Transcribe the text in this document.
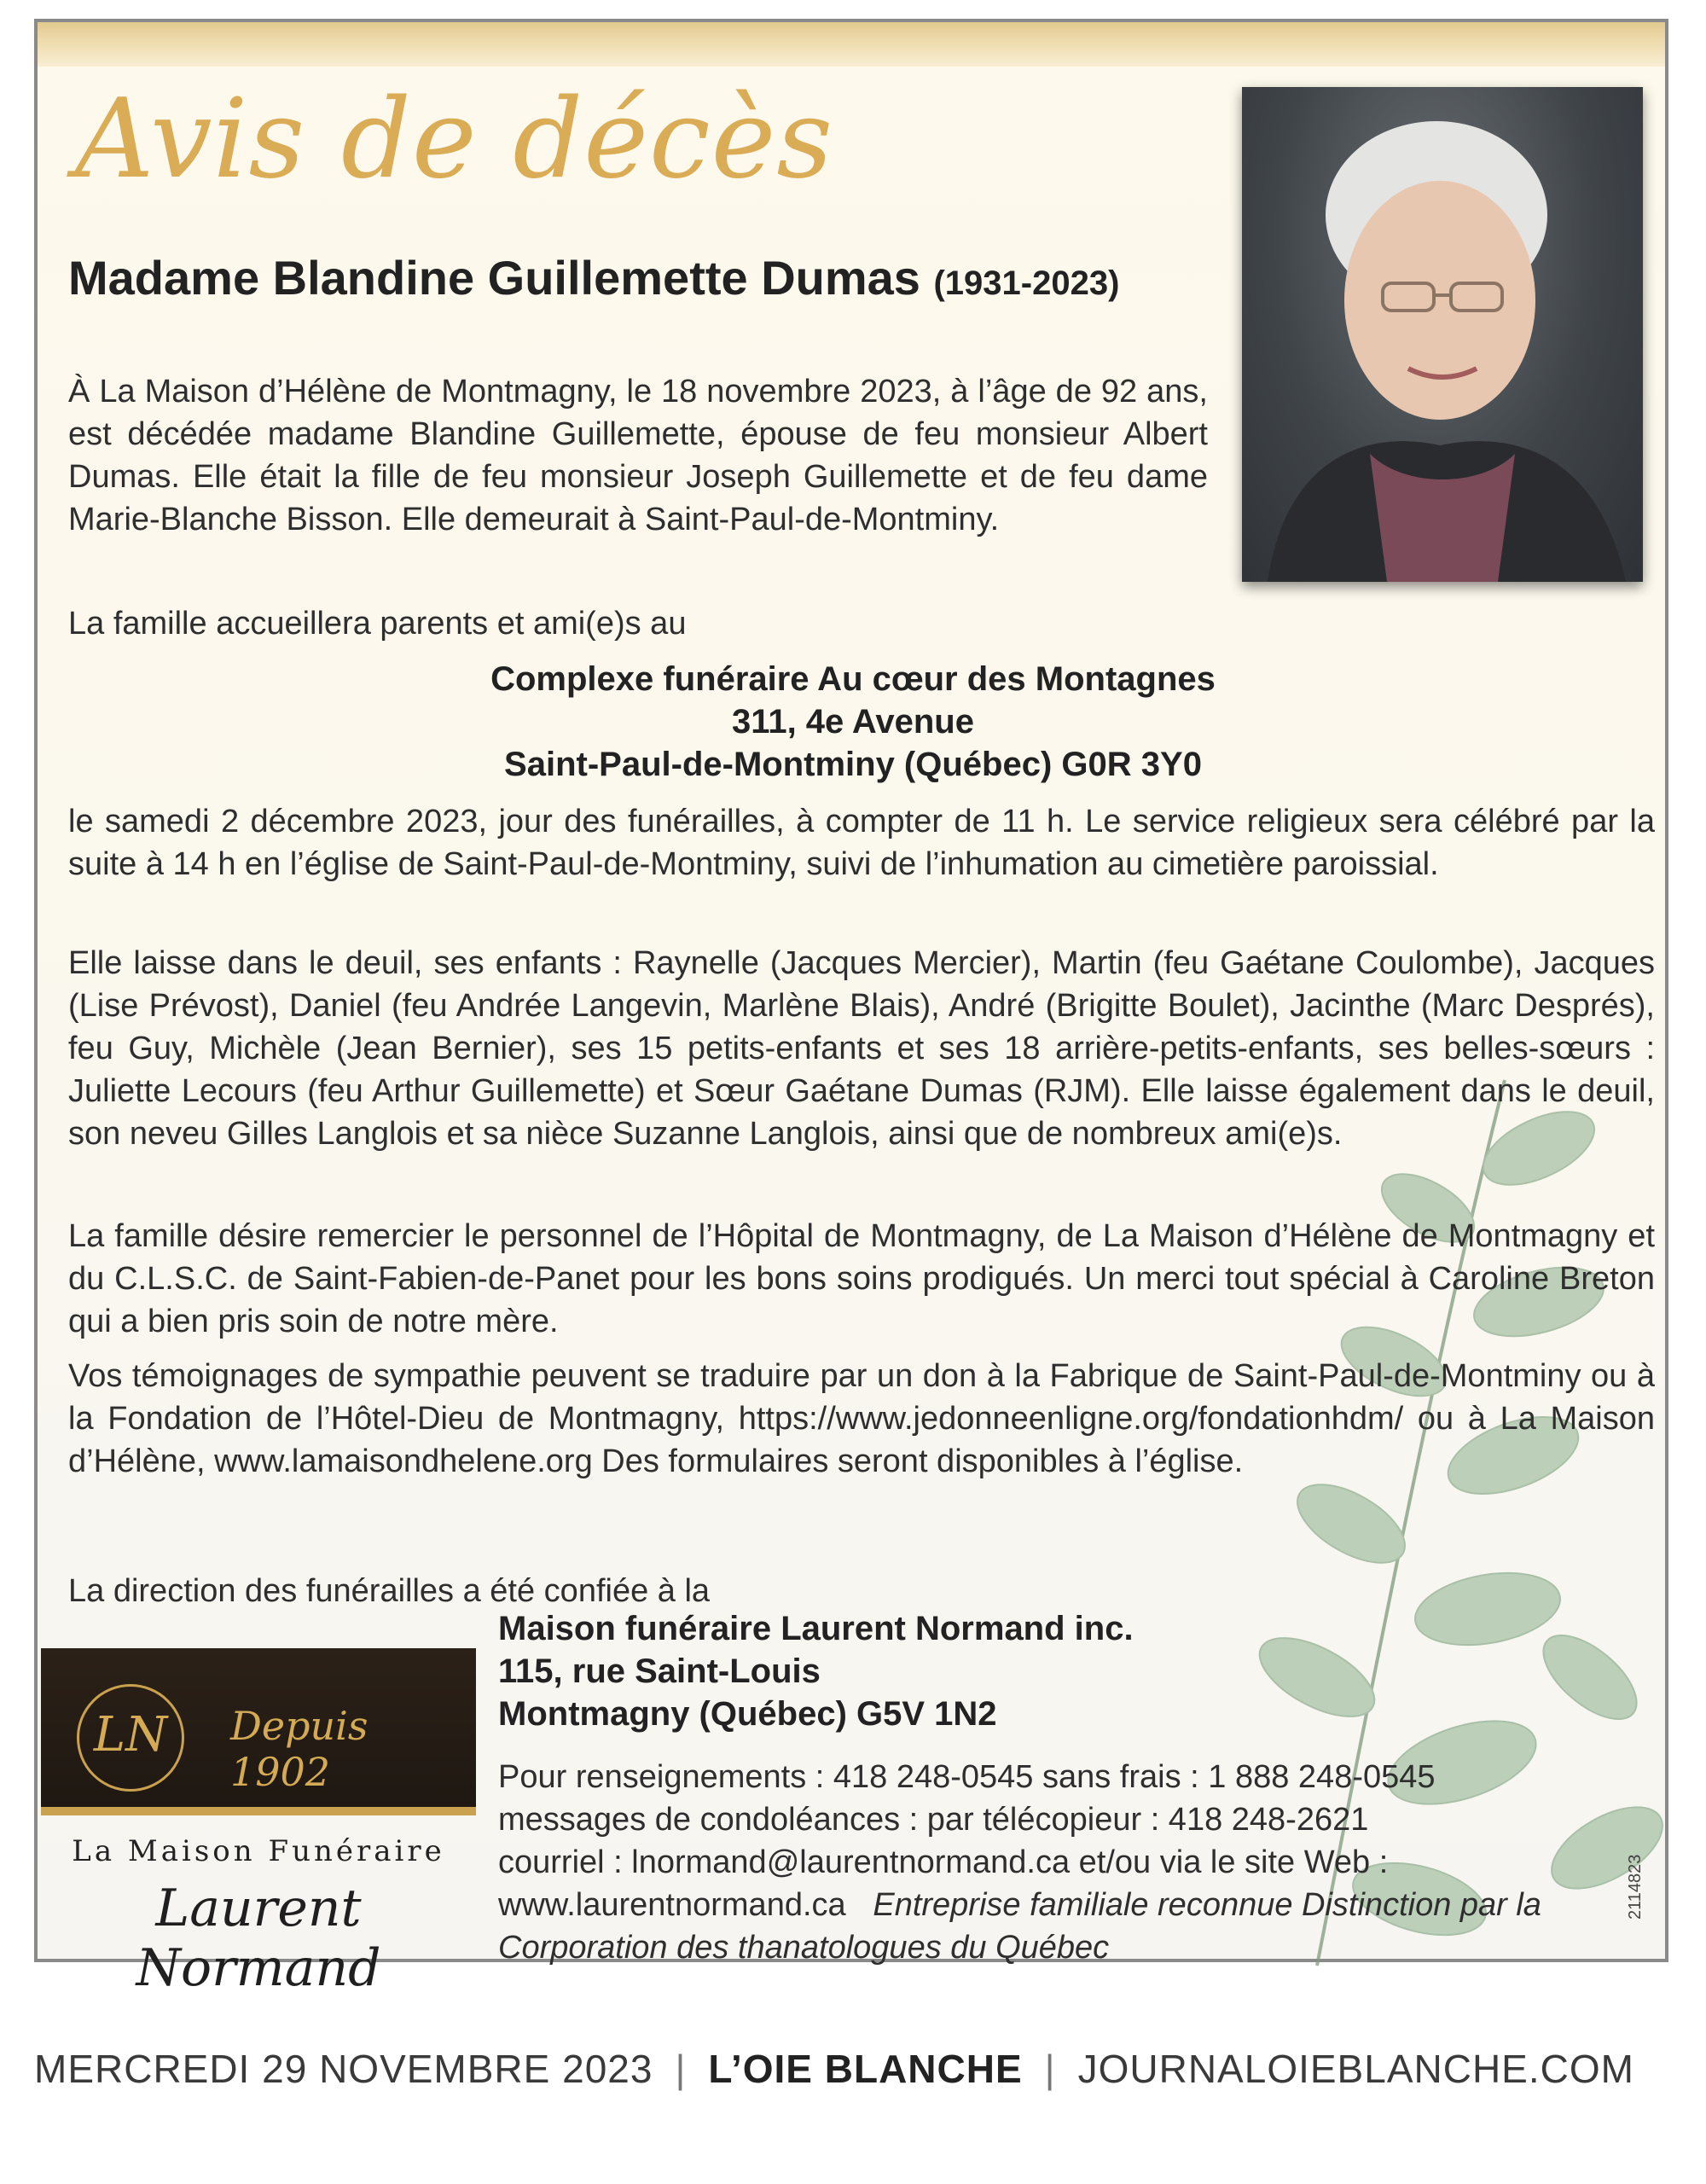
Avis de décès
Madame Blandine Guillemette Dumas (1931-2023)

À La Maison d’Hélène de Montmagny, le 18 novembre 2023, à l’âge de 92 ans, est décédée madame Blandine Guillemette, épouse de feu monsieur Albert Dumas. Elle était la fille de feu monsieur Joseph Guillemette et de feu dame Marie-Blanche Bisson. Elle demeurait à Saint-Paul-de-Montminy.

La famille accueillera parents et ami(e)s au

Complexe funéraire Au cœur des Montagnes
311, 4e Avenue
Saint-Paul-de-Montminy (Québec) G0R 3Y0

le samedi 2 décembre 2023, jour des funérailles, à compter de 11 h. Le service religieux sera célébré par la suite à 14 h en l’église de Saint-Paul-de-Montminy, suivi de l’inhumation au cimetière paroissial.

Elle laisse dans le deuil, ses enfants : Raynelle (Jacques Mercier), Martin (feu Gaétane Coulombe), Jacques (Lise Prévost), Daniel (feu Andrée Langevin, Marlène Blais), André (Brigitte Boulet), Jacinthe (Marc Després), feu Guy, Michèle (Jean Bernier), ses 15 petits-enfants et ses 18 arrière-petits-enfants, ses belles-sœurs : Juliette Lecours (feu Arthur Guillemette) et Sœur Gaétane Dumas (RJM). Elle laisse également dans le deuil, son neveu Gilles Langlois et sa nièce Suzanne Langlois, ainsi que de nombreux ami(e)s.

La famille désire remercier le personnel de l’Hôpital de Montmagny, de La Maison d’Hélène de Montmagny et du C.L.S.C. de Saint-Fabien-de-Panet pour les bons soins prodigués. Un merci tout spécial à Caroline Breton qui a bien pris soin de notre mère.

Vos témoignages de sympathie peuvent se traduire par un don à la Fabrique de Saint-Paul-de-Montminy ou à la Fondation de l’Hôtel-Dieu de Montmagny, https://www.jedonneenligne.org/fondationhdm/ ou à La Maison d’Hélène, www.lamaisondhelene.org Des formulaires seront disponibles à l’église.

La direction des funérailles a été confiée à la

LN	Depuis 1902
La Maison Funéraire
Laurent Normand
Maison funéraire Laurent Normand inc.
115, rue Saint-Louis
Montmagny (Québec) G5V 1N2
Pour renseignements : 418 248-0545 sans frais : 1 888 248-0545
messages de condoléances : par télécopieur : 418 248-2621
courriel : lnormand@laurentnormand.ca et/ou via le site Web :
www.laurentnormand.ca Entreprise familiale reconnue Distinction par la Corporation des thanatologues du Québec
2114823
MERCREDI 29 NOVEMBRE 2023 | L’OIE BLANCHE | JOURNALOIEBLANCHE.COM
